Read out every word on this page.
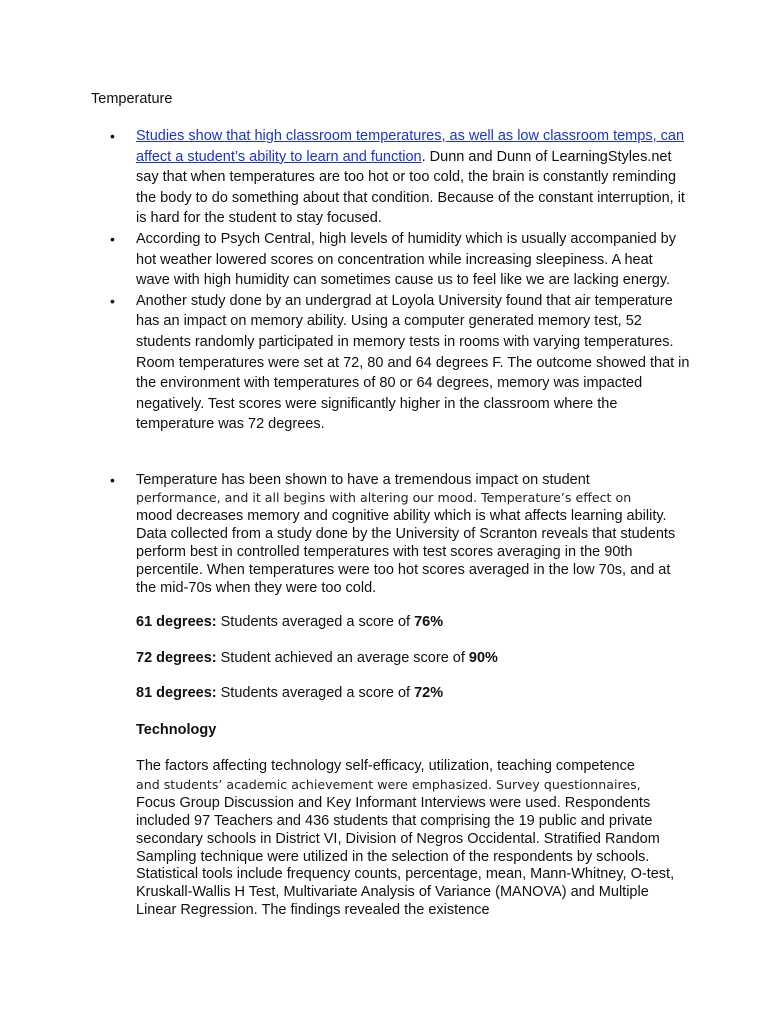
Temperature
• Studies show that high classroom temperatures, as well as low classroom temps, can affect a student’s ability to learn and function. Dunn and Dunn of LearningStyles.net say that when temperatures are too hot or too cold, the brain is constantly reminding the body to do something about that condition. Because of the constant interruption, it is hard for the student to stay focused.
• According to Psych Central, high levels of humidity which is usually accompanied by hot weather lowered scores on concentration while increasing sleepiness. A heat wave with high humidity can sometimes cause us to feel like we are lacking energy.
• Another study done by an undergrad at Loyola University found that air temperature has an impact on memory ability. Using a computer generated memory test, 52 students randomly participated in memory tests in rooms with varying temperatures. Room temperatures were set at 72, 80 and 64 degrees F. The outcome showed that in the environment with temperatures of 80 or 64 degrees, memory was impacted negatively. Test scores were significantly higher in the classroom where the temperature was 72 degrees.
• Temperature has been shown to have a tremendous impact on student
performance, and it all begins with altering our mood. Temperature’s effect on
mood decreases memory and cognitive ability which is what affects learning ability. Data collected from a study done by the University of Scranton reveals that students perform best in controlled temperatures with test scores averaging in the 90th percentile. When temperatures were too hot scores averaged in the low 70s, and at the mid-70s when they were too cold.
61 degrees: Students averaged a score of 76%
72 degrees: Student achieved an average score of 90%
81 degrees: Students averaged a score of 72%
Technology
The factors affecting technology self-efficacy, utilization, teaching competence
and students’ academic achievement were emphasized. Survey questionnaires,
Focus Group Discussion and Key Informant Interviews were used. Respondents included 97 Teachers and 436 students that comprising the 19 public and private secondary schools in District VI, Division of Negros Occidental. Stratified Random Sampling technique were utilized in the selection of the respondents by schools. Statistical tools include frequency counts, percentage, mean, Mann-Whitney, O-test, Kruskall-Wallis H Test, Multivariate Analysis of Variance (MANOVA) and Multiple Linear Regression. The findings revealed the existence
